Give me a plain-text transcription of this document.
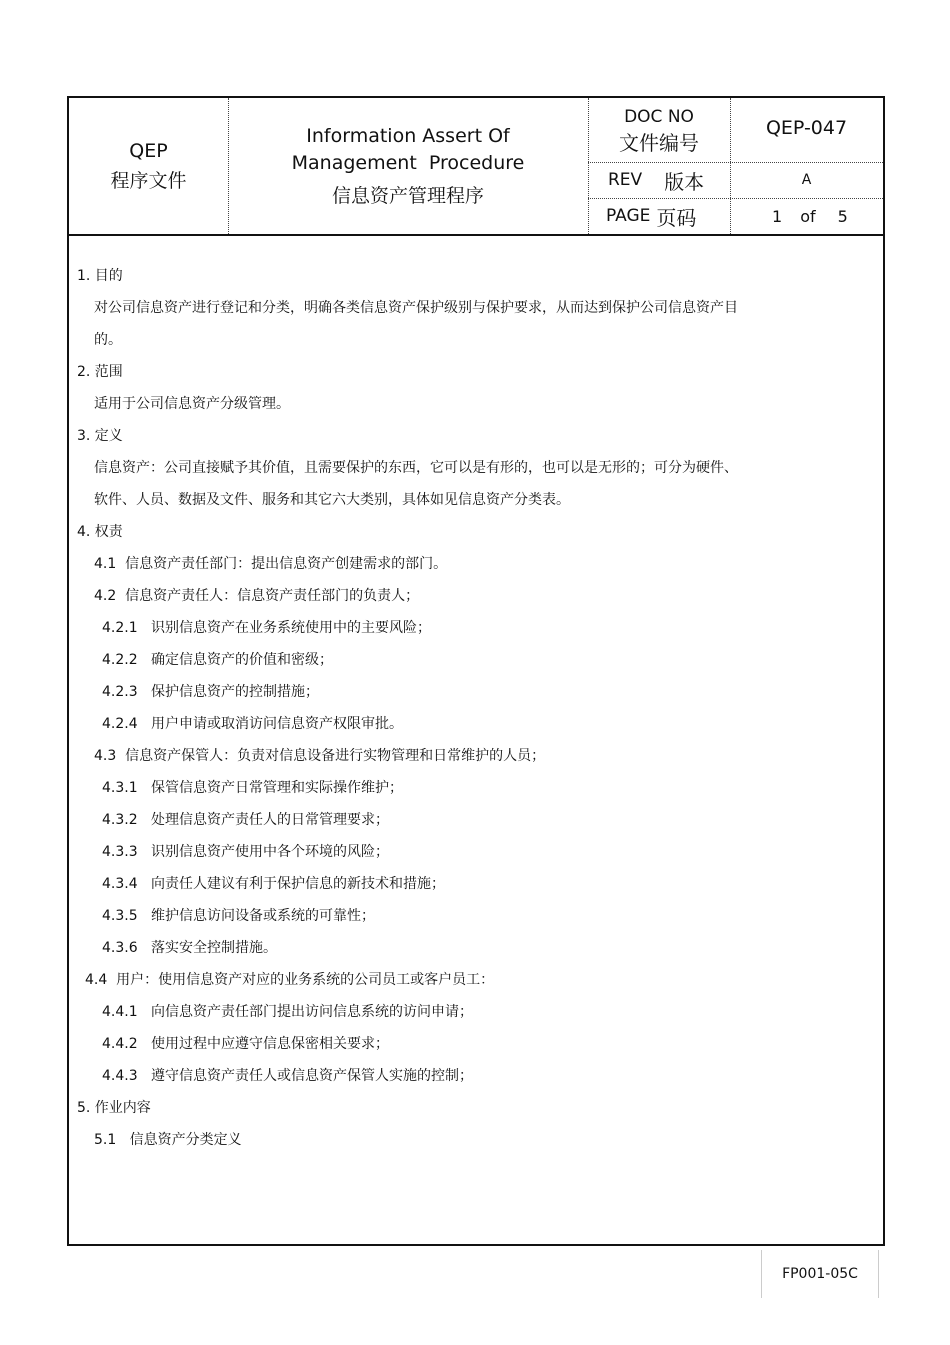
QEP
程序文件
Information Assert Of
Management  Procedure
信息资产管理程序
DOC NO
文件编号
QEP-047
REV 版本	A
PAGE 页码	1 of 5
1. 目的
对公司信息资产进行登记和分类，明确各类信息资产保护级别与保护要求，从而达到保护公司信息资产目
的。
2. 范围
适用于公司信息资产分级管理。
3. 定义
信息资产：公司直接赋予其价值，且需要保护的东西，它可以是有形的，也可以是无形的；可分为硬件、
软件、人员、数据及文件、服务和其它六大类别，具体如见信息资产分类表。
4. 权责
4.1  信息资产责任部门：提出信息资产创建需求的部门。
4.2  信息资产责任人：信息资产责任部门的负责人；
4.2.1   识别信息资产在业务系统使用中的主要风险；
4.2.2   确定信息资产的价值和密级；
4.2.3   保护信息资产的控制措施；
4.2.4   用户申请或取消访问信息资产权限审批。
4.3  信息资产保管人：负责对信息设备进行实物管理和日常维护的人员；
4.3.1   保管信息资产日常管理和实际操作维护；
4.3.2   处理信息资产责任人的日常管理要求；
4.3.3   识别信息资产使用中各个环境的风险；
4.3.4   向责任人建议有利于保护信息的新技术和措施；
4.3.5   维护信息访问设备或系统的可靠性；
4.3.6   落实安全控制措施。
4.4  用户：使用信息资产对应的业务系统的公司员工或客户员工：
4.4.1   向信息资产责任部门提出访问信息系统的访问申请；
4.4.2   使用过程中应遵守信息保密相关要求；
4.4.3   遵守信息资产责任人或信息资产保管人实施的控制；
5. 作业内容
5.1   信息资产分类定义
FP001-05C
